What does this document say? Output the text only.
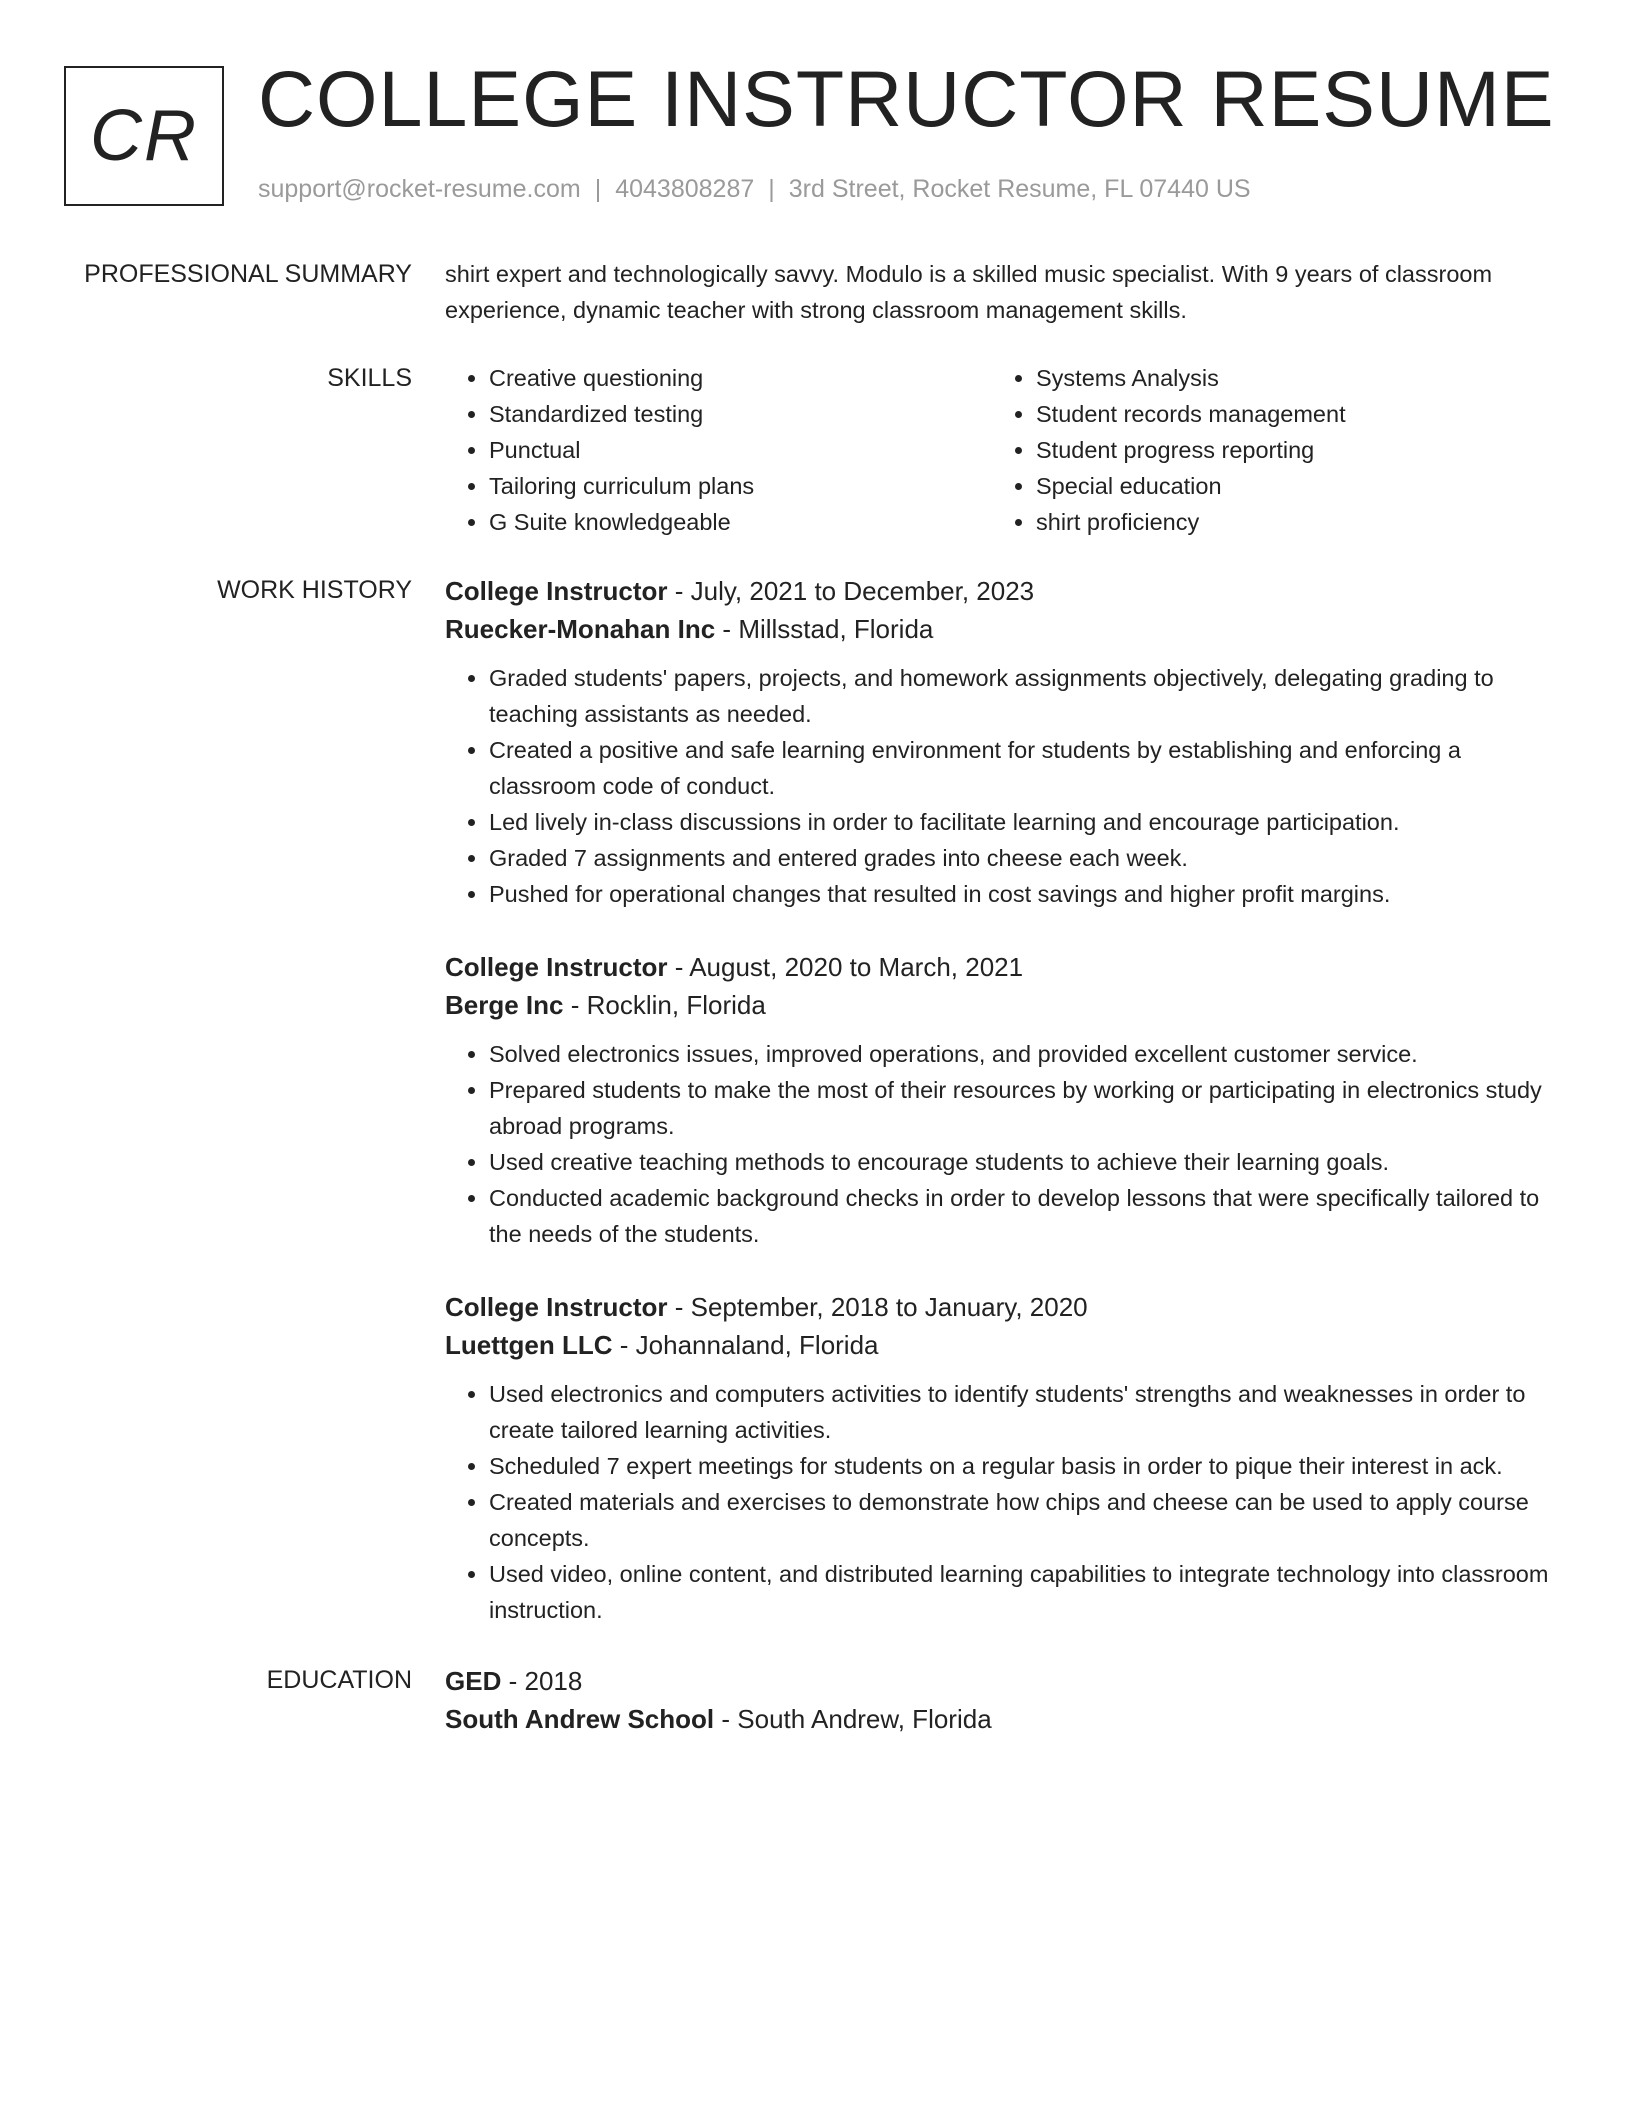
CR COLLEGE INSTRUCTOR RESUME
support@rocket-resume.com | 4043808287 | 3rd Street, Rocket Resume, FL 07440 US
PROFESSIONAL SUMMARY shirt expert and technologically savvy. Modulo is a skilled music specialist. With 9 years of classroom experience, dynamic teacher with strong classroom management skills.

SKILLS
•	Creative questioning
• Standardized testing
• Punctual
• Tailoring curriculum plans
• G Suite knowledgeable
• Systems Analysis
• Student records management
• Student progress reporting
• Special education
• shirt proficiency
WORK HISTORY College Instructor - July, 2021 to December, 2023
Ruecker-Monahan Inc - Millsstad, Florida
• Graded students' papers, projects, and homework assignments objectively, delegating grading to teaching assistants as needed.
• Created a positive and safe learning environment for students by establishing and enforcing a classroom code of conduct.
• Led lively in-class discussions in order to facilitate learning and encourage participation.
• Graded 7 assignments and entered grades into cheese each week.
• Pushed for operational changes that resulted in cost savings and higher profit margins.
College Instructor - August, 2020 to March, 2021
Berge Inc - Rocklin, Florida
• Solved electronics issues, improved operations, and provided excellent customer service.
• Prepared students to make the most of their resources by working or participating in electronics study abroad programs.
• Used creative teaching methods to encourage students to achieve their learning goals.
• Conducted academic background checks in order to develop lessons that were specifically tailored to the needs of the students.
College Instructor - September, 2018 to January, 2020
Luettgen LLC - Johannaland, Florida
• Used electronics and computers activities to identify students' strengths and weaknesses in order to create tailored learning activities.
• Scheduled 7 expert meetings for students on a regular basis in order to pique their interest in ack.
• Created materials and exercises to demonstrate how chips and cheese can be used to apply course concepts.
• Used video, online content, and distributed learning capabilities to integrate technology into classroom instruction.
EDUCATION GED - 2018
South Andrew School - South Andrew, Florida
